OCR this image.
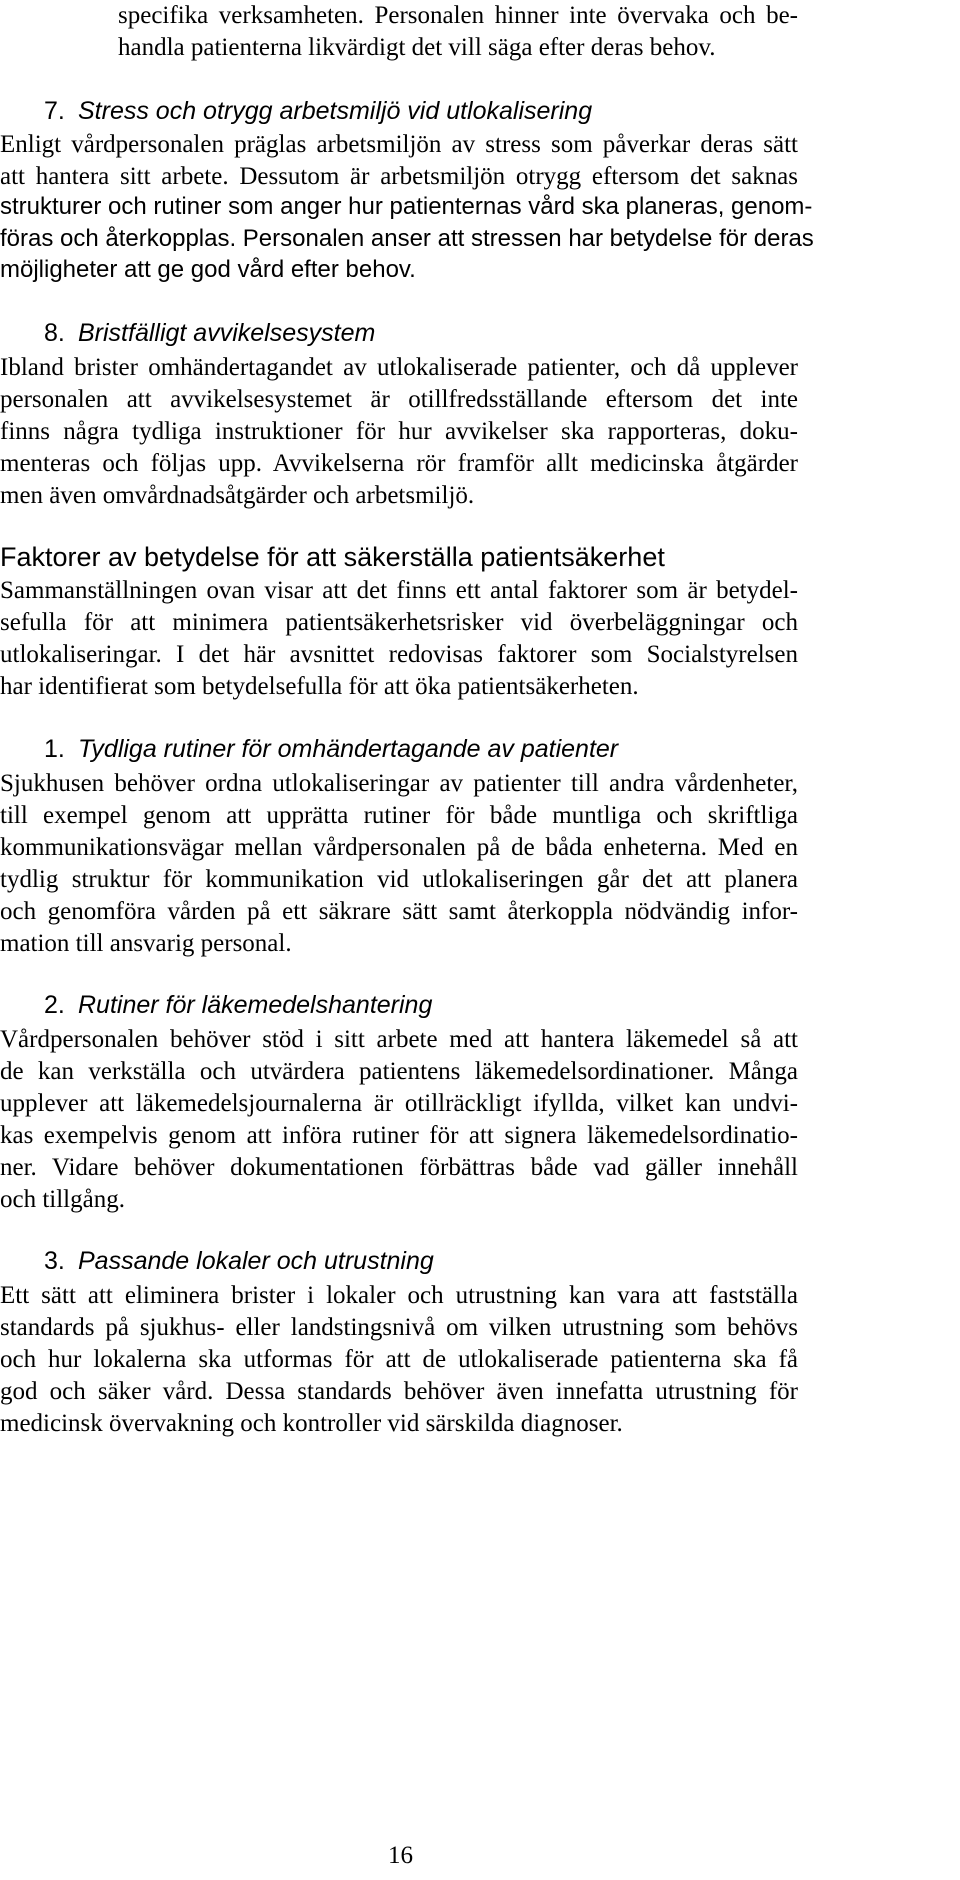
specifika verksamheten. Personalen hinner inte övervaka och be-
handla patienterna likvärdigt det vill säga efter deras behov.
7. Stress och otrygg arbetsmiljö vid utlokalisering
Enligt vårdpersonalen präglas arbetsmiljön av stress som påverkar deras sätt
att hantera sitt arbete. Dessutom är arbetsmiljön otrygg eftersom det saknas
strukturer och rutiner som anger hur patienternas vård ska planeras, genom-
föras och återkopplas. Personalen anser att stressen har betydelse för deras
möjligheter att ge god vård efter behov.
8. Bristfälligt avvikelsesystem
Ibland brister omhändertagandet av utlokaliserade patienter, och då upplever
personalen att avvikelsesystemet är otillfredsställande eftersom det inte
finns några tydliga instruktioner för hur avvikelser ska rapporteras, doku-
menteras och följas upp. Avvikelserna rör framför allt medicinska åtgärder
men även omvårdnadsåtgärder och arbetsmiljö.
Faktorer av betydelse för att säkerställa patientsäkerhet
Sammanställningen ovan visar att det finns ett antal faktorer som är betydel-
sefulla för att minimera patientsäkerhetsrisker vid överbeläggningar och
utlokaliseringar. I det här avsnittet redovisas faktorer som Socialstyrelsen
har identifierat som betydelsefulla för att öka patientsäkerheten.
1. Tydliga rutiner för omhändertagande av patienter
Sjukhusen behöver ordna utlokaliseringar av patienter till andra vårdenheter,
till exempel genom att upprätta rutiner för både muntliga och skriftliga
kommunikationsvägar mellan vårdpersonalen på de båda enheterna. Med en
tydlig struktur för kommunikation vid utlokaliseringen går det att planera
och genomföra vården på ett säkrare sätt samt återkoppla nödvändig infor-
mation till ansvarig personal.
2. Rutiner för läkemedelshantering
Vårdpersonalen behöver stöd i sitt arbete med att hantera läkemedel så att
de kan verkställa och utvärdera patientens läkemedelsordinationer. Många
upplever att läkemedelsjournalerna är otillräckligt ifyllda, vilket kan undvi-
kas exempelvis genom att införa rutiner för att signera läkemedelsordinatio-
ner. Vidare behöver dokumentationen förbättras både vad gäller innehåll
och tillgång.
3. Passande lokaler och utrustning
Ett sätt att eliminera brister i lokaler och utrustning kan vara att fastställa
standards på sjukhus- eller landstingsnivå om vilken utrustning som behövs
och hur lokalerna ska utformas för att de utlokaliserade patienterna ska få
god och säker vård. Dessa standards behöver även innefatta utrustning för
medicinsk övervakning och kontroller vid särskilda diagnoser.
16
